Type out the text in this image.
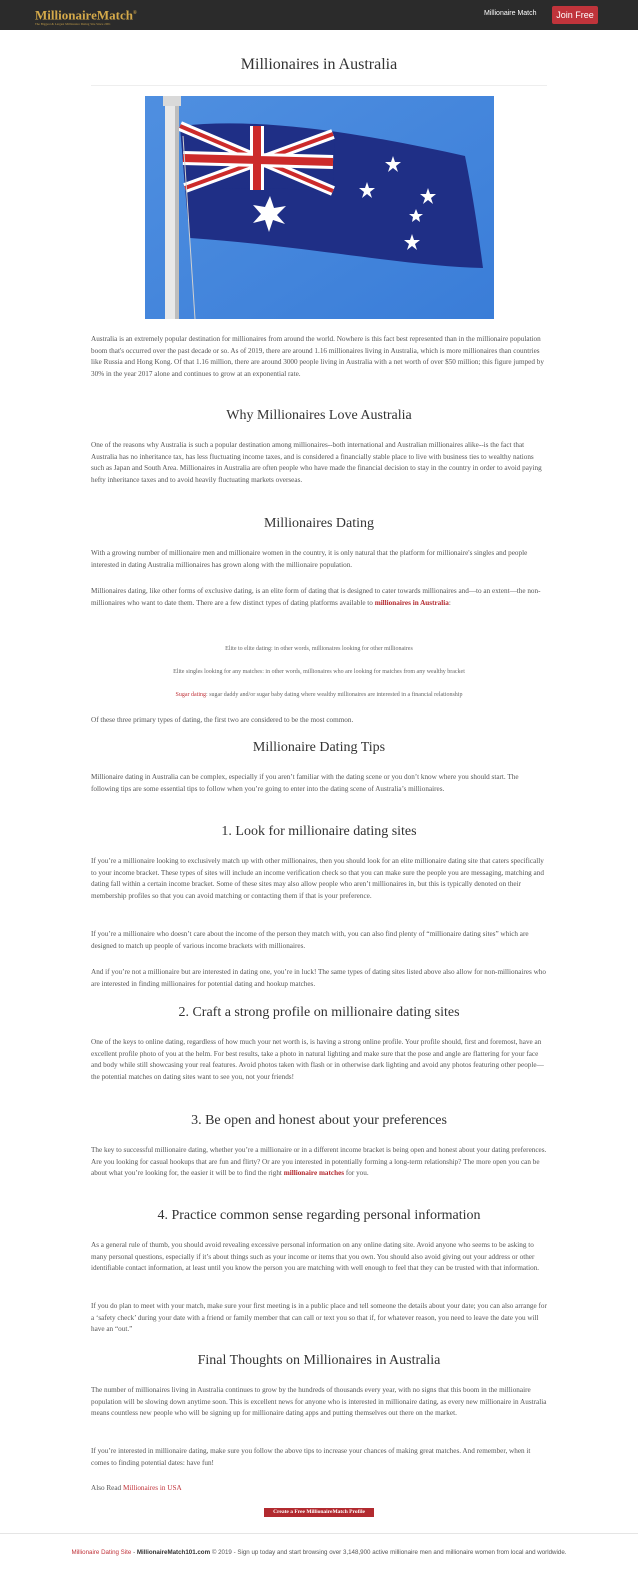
MillionaireMatch®
The Biggest & Largest Millionaire Dating Site Since 2001
Millionaire Match	Join Free
Millionaires in Australia
Australia is an extremely popular destination for millionaires from around the world. Nowhere is this fact best represented than in the millionaire population boom that's occurred over the past decade or so. As of 2019, there are around 1.16 millionaires living in Australia, which is more millionaires than countries like Russia and Hong Kong. Of that 1.16 million, there are around 3000 people living in Australia with a net worth of over $50 million; this figure jumped by 30% in the year 2017 alone and continues to grow at an exponential rate.
Why Millionaires Love Australia
One of the reasons why Australia is such a popular destination among millionaires--both international and Australian millionaires alike--is the fact that Australia has no inheritance tax, has less fluctuating income taxes, and is considered a financially stable place to live with business ties to wealthy nations such as Japan and South Area. Millionaires in Australia are often people who have made the financial decision to stay in the country in order to avoid paying hefty inheritance taxes and to avoid heavily fluctuating markets overseas.
Millionaires Dating
With a growing number of millionaire men and millionaire women in the country, it is only natural that the platform for millionaire's singles and people interested in dating Australia millionaires has grown along with the millionaire population.
Millionaires dating, like other forms of exclusive dating, is an elite form of dating that is designed to cater towards millionaires and—to an extent—the non-millionaires who want to date them. There are a few distinct types of dating platforms available to millionaires in Australia:
Elite to elite dating: in other words, millionaires looking for other millionaires
Elite singles looking for any matches: in other words, millionaires who are looking for matches from any wealthy bracket
Sugar dating: sugar daddy and/or sugar baby dating where wealthy millionaires are interested in a financial relationship
Of these three primary types of dating, the first two are considered to be the most common.
Millionaire Dating Tips
Millionaire dating in Australia can be complex, especially if you aren’t familiar with the dating scene or you don’t know where you should start. The following tips are some essential tips to follow when you’re going to enter into the dating scene of Australia’s millionaires.
1. Look for millionaire dating sites
If you’re a millionaire looking to exclusively match up with other millionaires, then you should look for an elite millionaire dating site that caters specifically to your income bracket. These types of sites will include an income verification check so that you can make sure the people you are messaging, matching and dating fall within a certain income bracket. Some of these sites may also allow people who aren’t millionaires in, but this is typically denoted on their membership profiles so that you can avoid matching or contacting them if that is your preference.
If you’re a millionaire who doesn’t care about the income of the person they match with, you can also find plenty of “millionaire dating sites” which are designed to match up people of various income brackets with millionaires.
And if you’re not a millionaire but are interested in dating one, you’re in luck! The same types of dating sites listed above also allow for non-millionaires who are interested in finding millionaires for potential dating and hookup matches.
2. Craft a strong profile on millionaire dating sites
One of the keys to online dating, regardless of how much your net worth is, is having a strong online profile. Your profile should, first and foremost, have an excellent profile photo of you at the helm. For best results, take a photo in natural lighting and make sure that the pose and angle are flattering for your face and body while still showcasing your real features. Avoid photos taken with flash or in otherwise dark lighting and avoid any photos featuring other people—the potential matches on dating sites want to see you, not your friends!
3. Be open and honest about your preferences
The key to successful millionaire dating, whether you’re a millionaire or in a different income bracket is being open and honest about your dating preferences. Are you looking for casual hookups that are fun and flirty? Or are you interested in potentially forming a long-term relationship? The more open you can be about what you’re looking for, the easier it will be to find the right millionaire matches for you.
4. Practice common sense regarding personal information
As a general rule of thumb, you should avoid revealing excessive personal information on any online dating site. Avoid anyone who seems to be asking to many personal questions, especially if it’s about things such as your income or items that you own. You should also avoid giving out your address or other identifiable contact information, at least until you know the person you are matching with well enough to feel that they can be trusted with that information.
If you do plan to meet with your match, make sure your first meeting is in a public place and tell someone the details about your date; you can also arrange for a ‘safety check’ during your date with a friend or family member that can call or text you so that if, for whatever reason, you need to leave the date you will have an “out.”
Final Thoughts on Millionaires in Australia
The number of millionaires living in Australia continues to grow by the hundreds of thousands every year, with no signs that this boom in the millionaire population will be slowing down anytime soon. This is excellent news for anyone who is interested in millionaire dating, as every new millionaire in Australia means countless new people who will be signing up for millionaire dating apps and putting themselves out there on the market.
If you’re interested in millionaire dating, make sure you follow the above tips to increase your chances of making great matches. And remember, when it comes to finding potential dates: have fun!
Also Read Millionaires in USA
Create a Free MillionaireMatch Profile
Millionaire Dating Site - MillionaireMatch101.com © 2019 - Sign up today and start browsing over 3,148,900 active millionaire men and millionaire women from local and worldwide.
